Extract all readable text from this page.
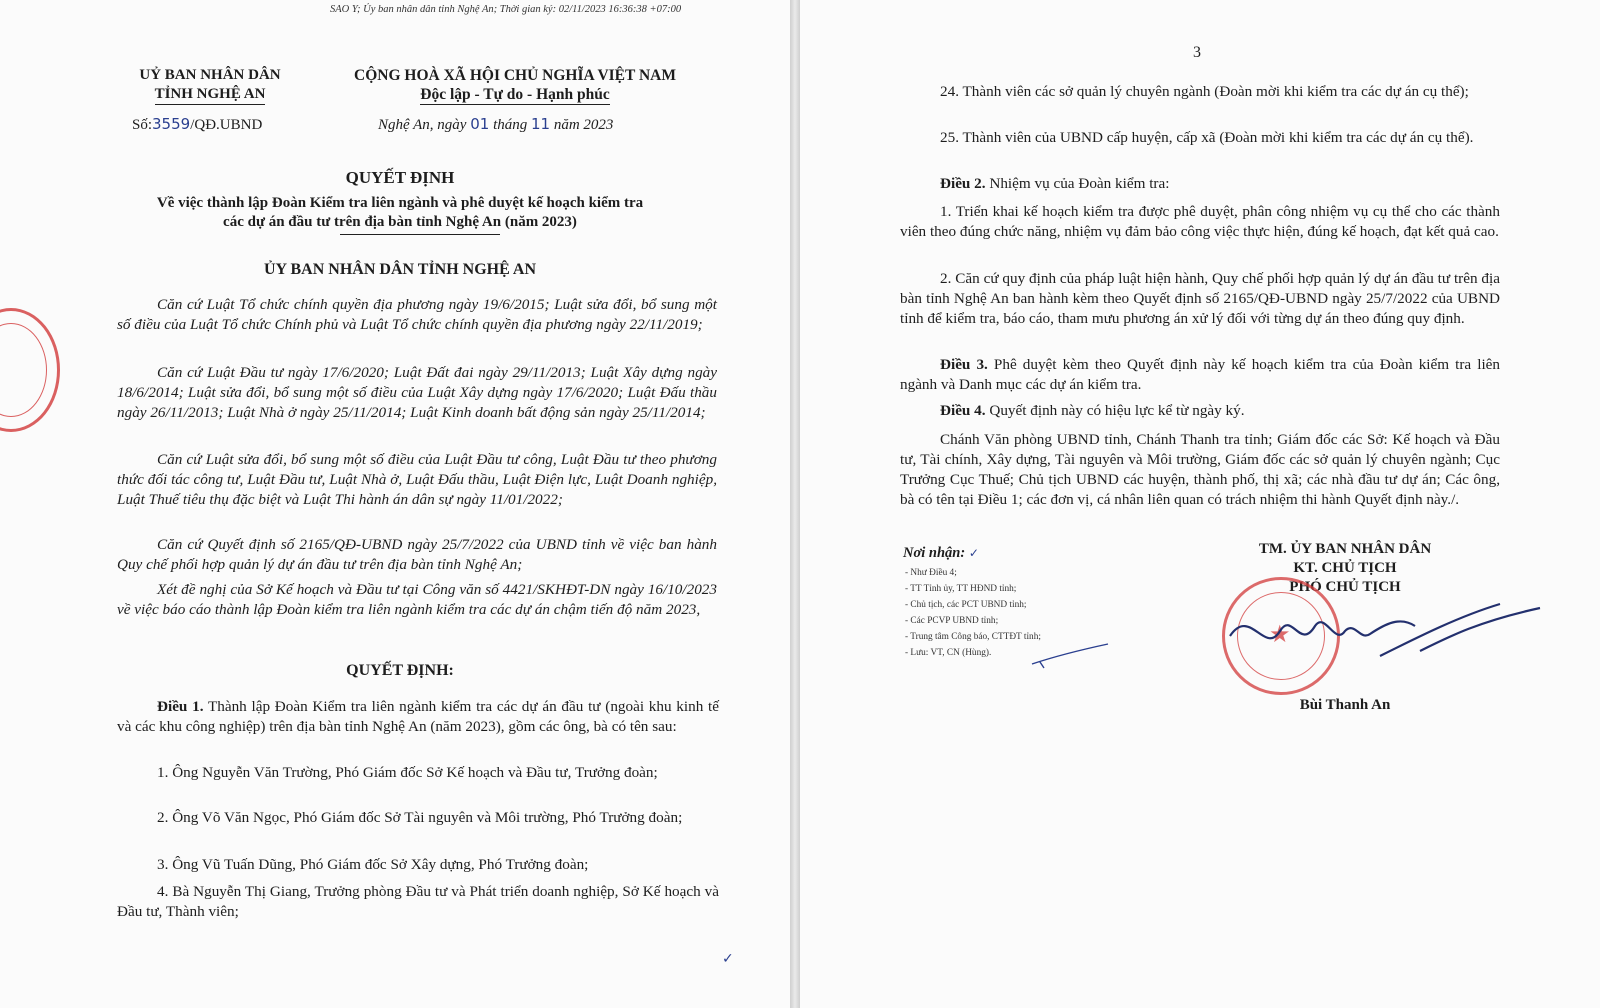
SAO Y; Ủy ban nhân dân tỉnh Nghệ An; Thời gian ký: 02/11/2023 16:36:38 +07:00
UỶ BAN NHÂN DÂN
TỈNH NGHỆ AN
Số:3559/QĐ.UBND
CỘNG HOÀ XÃ HỘI CHỦ NGHĨA VIỆT NAM
Độc lập - Tự do - Hạnh phúc
Nghệ An, ngày 01 tháng 11 năm 2023
QUYẾT ĐỊNH
Về việc thành lập Đoàn Kiểm tra liên ngành và phê duyệt kế hoạch kiểm tra
các dự án đầu tư trên địa bàn tỉnh Nghệ An (năm 2023)
ỦY BAN NHÂN DÂN TỈNH NGHỆ AN
Căn cứ Luật Tổ chức chính quyền địa phương ngày 19/6/2015; Luật sửa đổi, bổ sung một số điều của Luật Tổ chức Chính phủ và Luật Tổ chức chính quyền địa phương ngày 22/11/2019;
Căn cứ Luật Đầu tư ngày 17/6/2020; Luật Đất đai ngày 29/11/2013; Luật Xây dựng ngày 18/6/2014; Luật sửa đổi, bổ sung một số điều của Luật Xây dựng ngày 17/6/2020; Luật Đấu thầu ngày 26/11/2013; Luật Nhà ở ngày 25/11/2014; Luật Kinh doanh bất động sản ngày 25/11/2014;
Căn cứ Luật sửa đổi, bổ sung một số điều của Luật Đầu tư công, Luật Đầu tư theo phương thức đối tác công tư, Luật Đầu tư, Luật Nhà ở, Luật Đấu thầu, Luật Điện lực, Luật Doanh nghiệp, Luật Thuế tiêu thụ đặc biệt và Luật Thi hành án dân sự ngày 11/01/2022;
Căn cứ Quyết định số 2165/QĐ-UBND ngày 25/7/2022 của UBND tỉnh về việc ban hành Quy chế phối hợp quản lý dự án đầu tư trên địa bàn tỉnh Nghệ An;
Xét đề nghị của Sở Kế hoạch và Đầu tư tại Công văn số 4421/SKHĐT-DN ngày 16/10/2023 về việc báo cáo thành lập Đoàn kiểm tra liên ngành kiểm tra các dự án chậm tiến độ năm 2023,
QUYẾT ĐỊNH:
Điều 1. Thành lập Đoàn Kiểm tra liên ngành kiểm tra các dự án đầu tư (ngoài khu kinh tế và các khu công nghiệp) trên địa bàn tỉnh Nghệ An (năm 2023), gồm các ông, bà có tên sau:
1. Ông Nguyễn Văn Trường, Phó Giám đốc Sở Kế hoạch và Đầu tư, Trưởng đoàn;
2. Ông Võ Văn Ngọc, Phó Giám đốc Sở Tài nguyên và Môi trường, Phó Trưởng đoàn;
3. Ông Vũ Tuấn Dũng, Phó Giám đốc Sở Xây dựng, Phó Trưởng đoàn;
4. Bà Nguyễn Thị Giang, Trưởng phòng Đầu tư và Phát triển doanh nghiệp, Sở Kế hoạch và Đầu tư, Thành viên;
✓
3
24. Thành viên các sở quản lý chuyên ngành (Đoàn mời khi kiểm tra các dự án cụ thể);
25. Thành viên của UBND cấp huyện, cấp xã (Đoàn mời khi kiểm tra các dự án cụ thể).
Điều 2. Nhiệm vụ của Đoàn kiểm tra:
1. Triển khai kế hoạch kiểm tra được phê duyệt, phân công nhiệm vụ cụ thể cho các thành viên theo đúng chức năng, nhiệm vụ đảm bảo công việc thực hiện, đúng kế hoạch, đạt kết quả cao.
2. Căn cứ quy định của pháp luật hiện hành, Quy chế phối hợp quản lý dự án đầu tư trên địa bàn tỉnh Nghệ An ban hành kèm theo Quyết định số 2165/QĐ-UBND ngày 25/7/2022 của UBND tỉnh để kiểm tra, báo cáo, tham mưu phương án xử lý đối với từng dự án theo đúng quy định.
Điều 3. Phê duyệt kèm theo Quyết định này kế hoạch kiểm tra của Đoàn kiểm tra liên ngành và Danh mục các dự án kiểm tra.
Điều 4. Quyết định này có hiệu lực kể từ ngày ký.
Chánh Văn phòng UBND tỉnh, Chánh Thanh tra tỉnh; Giám đốc các Sở: Kế hoạch và Đầu tư, Tài chính, Xây dựng, Tài nguyên và Môi trường, Giám đốc các sở quản lý chuyên ngành; Cục Trưởng Cục Thuế; Chủ tịch UBND các huyện, thành phố, thị xã; các nhà đầu tư dự án; Các ông, bà có tên tại Điều 1; các đơn vị, cá nhân liên quan có trách nhiệm thi hành Quyết định này./.
Nơi nhận: ✓
- Như Điều 4;
- TT Tỉnh ủy, TT HĐND tỉnh;
- Chủ tịch, các PCT UBND tỉnh;
- Các PCVP UBND tỉnh;
- Trung tâm Công báo, CTTĐT tỉnh;
- Lưu: VT, CN (Hùng).
TM. ỦY BAN NHÂN DÂN
KT. CHỦ TỊCH
PHÓ CHỦ TỊCH
★
Bùi Thanh An
